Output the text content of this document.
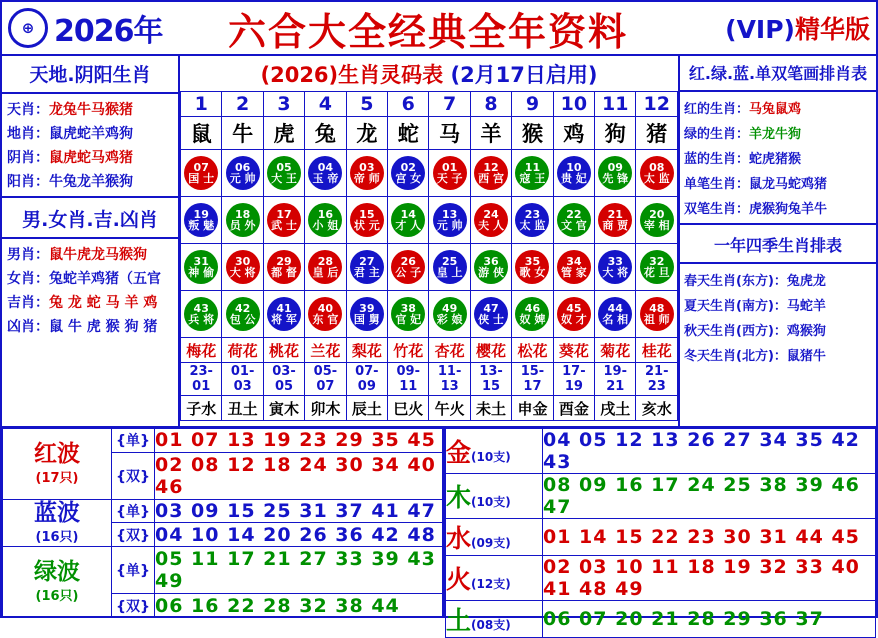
⊕ 2026年	六合大全经典全年资料	(VIP)精华版
天地.阴阳生肖
天肖：龙兔牛马猴猪
地肖：鼠虎蛇羊鸡狗
阴肖：鼠虎蛇马鸡猪
阳肖：牛兔龙羊猴狗
男.女肖.吉.凶肖
男肖：鼠牛虎龙马猴狗
女肖：兔蛇羊鸡猪（五官
吉肖：兔 龙 蛇 马 羊 鸡
凶肖：鼠 牛 虎 猴 狗 猪
(2026)生肖灵码表 (2月17日启用)
1	2	3	4	5	6	7	8	9	10	11	12
鼠	牛	虎	兔	龙	蛇	马	羊	猴	鸡	狗	猪

07
国 士	06
元 帅	05
大 王	04
玉 帝	03
帝 师	02
宫 女	01
天 子	12
西 宫	11
寇 王	10
贵 妃	09
先 锋	08
太 监

19
叛 魅	18
员 外	17
武 士	16
小 姐	15
状 元	14
才 人	13
元 帅	24
夫 人	23
太 监	22
文 官	21
商 贾	20
宰 相

31
神 偷	30
大 将	29
都 督	28
皇 后	27
君 主	26
公 子	25
皇 上	36
游 侠	35
歌 女	34
管 家	33
大 将	32
花 旦

43
兵 将	42
包 公	41
将 军	40
东 官	39
国 舅	38
官 妃	49
彩 娘	47
侠 士	46
奴 婢	45
奴 才	44
名 相	48
祖 师

梅花	荷花	桃花	兰花	梨花	竹花	杏花	樱花	松花	葵花	菊花	桂花
23-01	01-03	03-05	05-07	07-09	09-11	11-13	13-15	15-17	17-19	19-21	21-23
子水	丑土	寅木	卯木	辰土	巳火	午火	未土	申金	酉金	戌土	亥水
红.绿.蓝.单双笔画排肖表
红的生肖：马兔鼠鸡
绿的生肖：羊龙牛狗
蓝的生肖：蛇虎猪猴
单笔生肖：鼠龙马蛇鸡猪
双笔生肖：虎猴狗兔羊牛
一年四季生肖排表
春天生肖(东方)：兔虎龙
夏天生肖(南方)：马蛇羊
秋天生肖(西方)：鸡猴狗
冬天生肖(北方)：鼠猪牛
红波
(17只)	{单}	01 07 13 19 23 29 35 45
	{双}	02 08 12 18 24 30 34 40 46

蓝波
(16只)	{单}	03 09 15 25 31 37 41 47
	{双}	04 10 14 20 26 36 42 48

绿波
(16只)	{单}	05 11 17 21 27 33 39 43 49
	{双}	06 16 22 28 32 38 44
金(10支)	04 05 12 13 26 27 34 35 42 43
木(10支)	08 09 16 17 24 25 38 39 46 47
水(09支)	01 14 15 22 23 30 31 44 45
火(12支)	02 03 10 11 18 19 32 33 40 41 48 49
土(08支)	06 07 20 21 28 29 36 37
